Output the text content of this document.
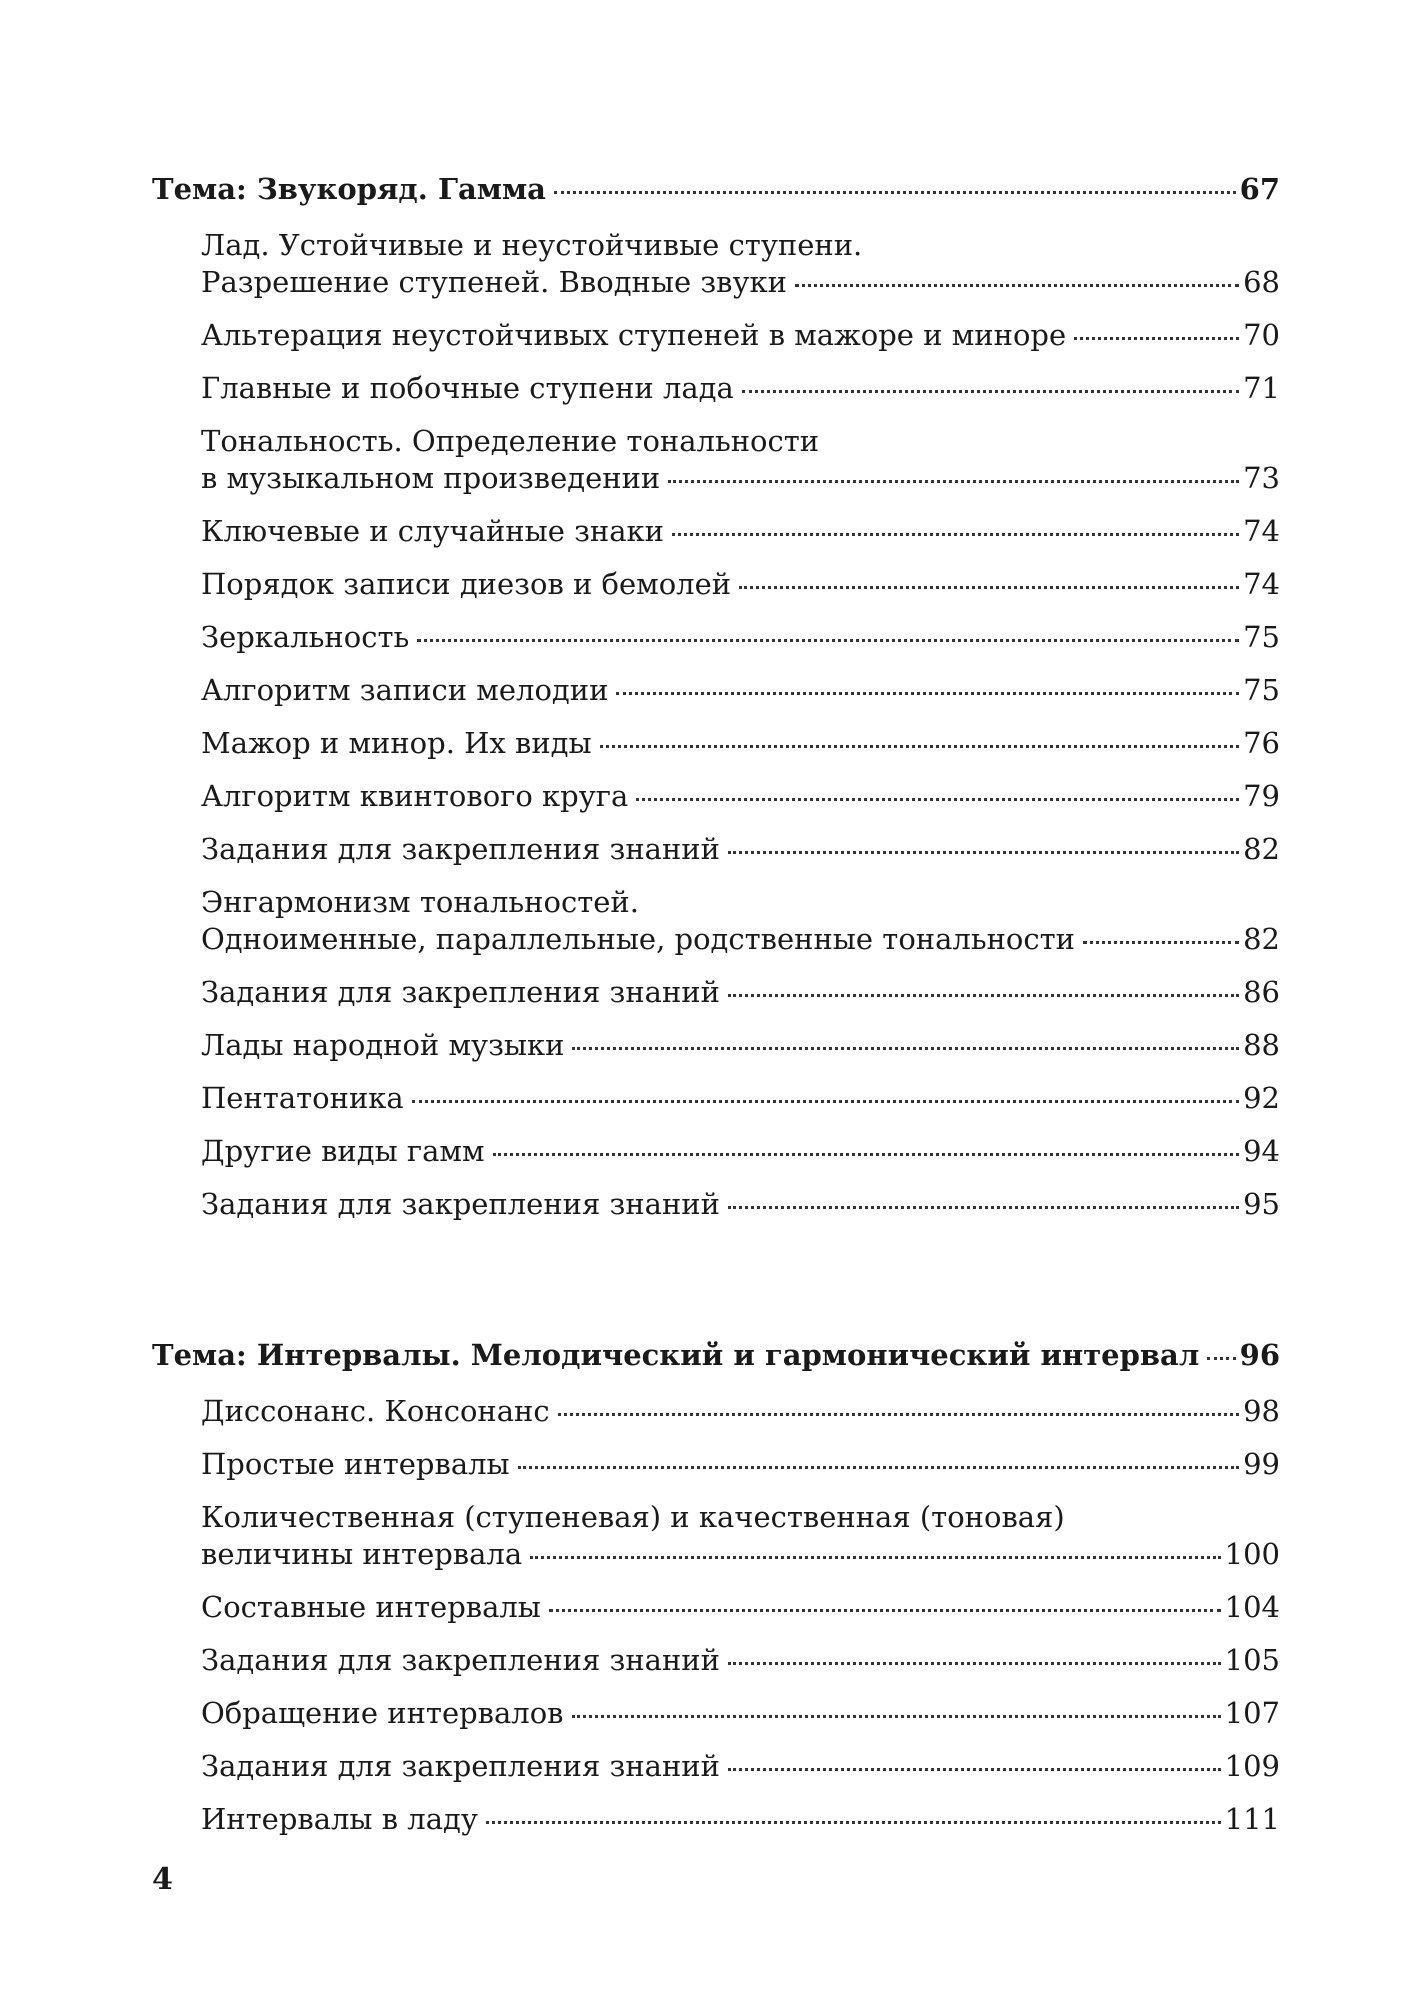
Тема: Звукоряд. Гамма	67
Лад. Устойчивые и неустойчивые ступени.
Разрешение ступеней. Вводные звуки	68
Альтерация неустойчивых ступеней в мажоре и миноре	70
Главные и побочные ступени лада	71
Тональность. Определение тональности
в музыкальном произведении	73
Ключевые и случайные знаки	74
Порядок записи диезов и бемолей	74
Зеркальность	75
Алгоритм записи мелодии	75
Мажор и минор. Их виды	76
Алгоритм квинтового круга	79
Задания для закрепления знаний	82
Энгармонизм тональностей.
Одноименные, параллельные, родственные тональности	82
Задания для закрепления знаний	86
Лады народной музыки	88
Пентатоника	92
Другие виды гамм	94
Задания для закрепления знаний	95
Тема: Интервалы. Мелодический и гармонический интервал 96
Диссонанс. Консонанс	98
Простые интервалы	99
Количественная (ступеневая) и качественная (тоновая)
величины интервала	100
Составные интервалы	104
Задания для закрепления знаний	105
Обращение интервалов	107
Задания для закрепления знаний	109
Интервалы в ладу	111
4
